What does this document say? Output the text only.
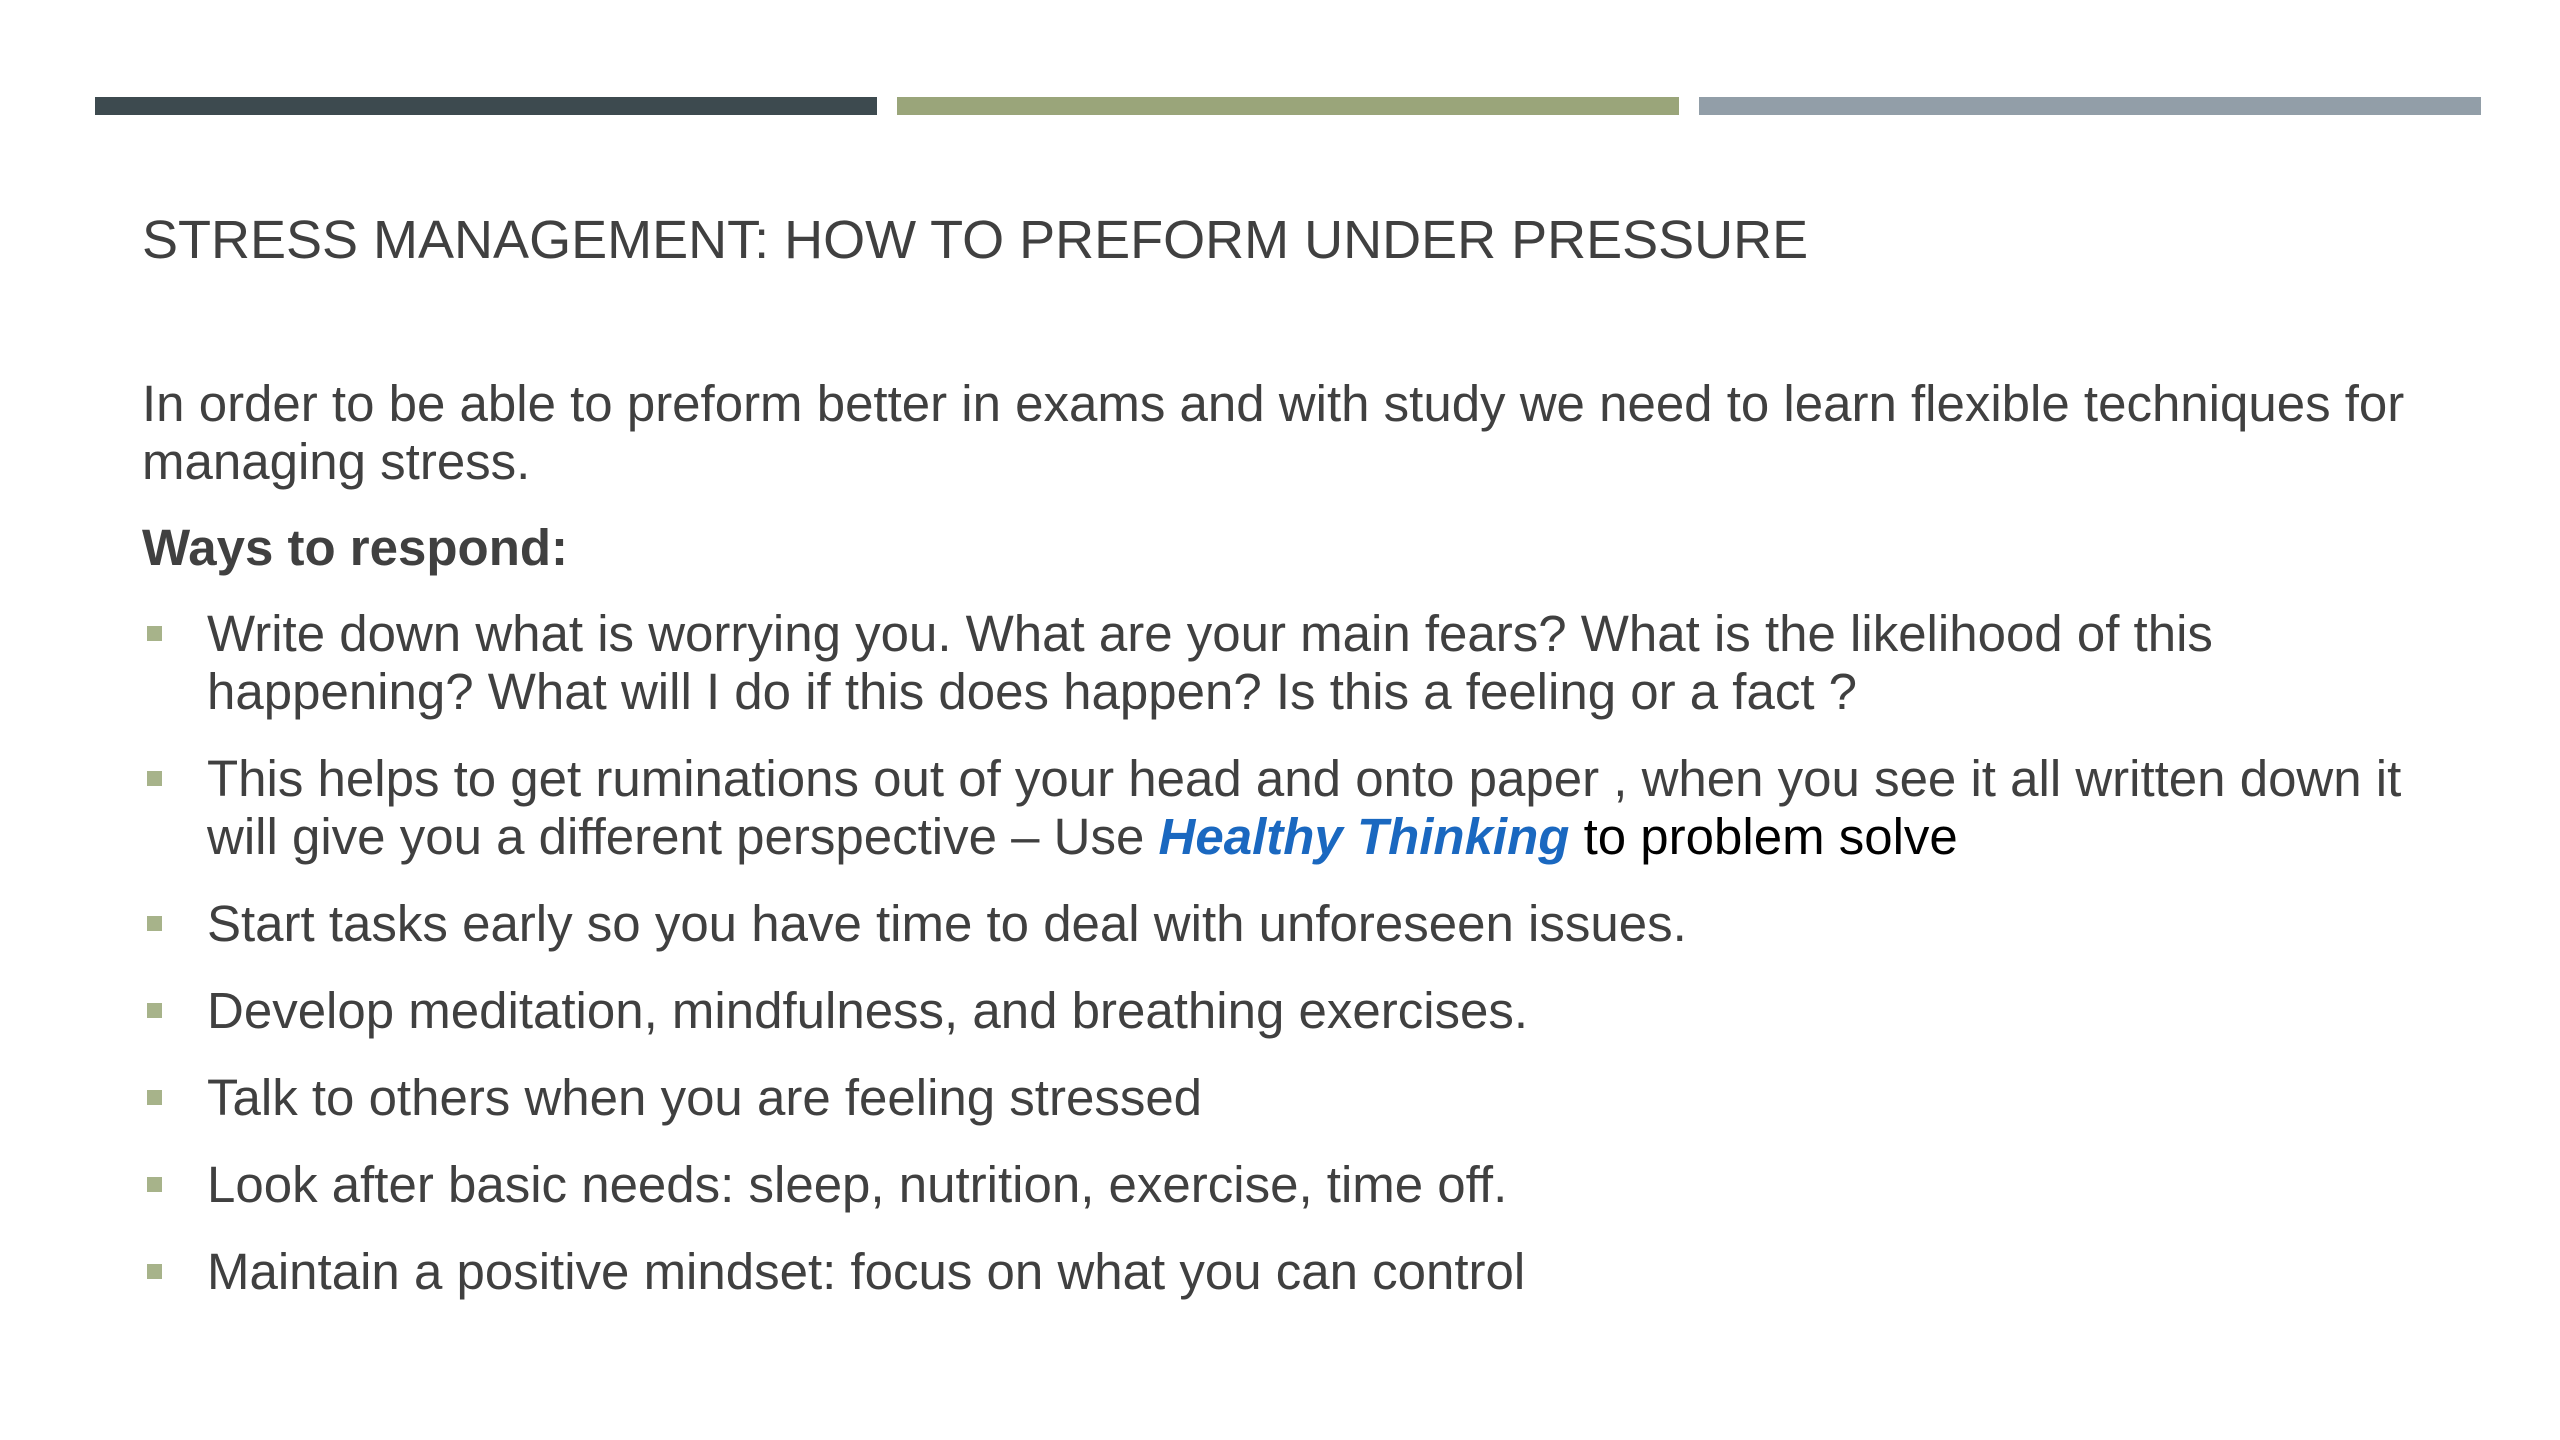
STRESS MANAGEMENT: HOW TO PREFORM UNDER PRESSURE

In order to be able to preform better in exams and with study we need to learn flexible techniques for managing stress.

Ways to respond:

Write down what is worrying you. What are your main fears? What is the likelihood of this happening? What will I do if this does happen? Is this a feeling or a fact ?
This helps to get ruminations out of your head and onto paper , when you see it all written down it will give you a different perspective – Use Healthy Thinking to problem solve
Start tasks early so you have time to deal with unforeseen issues.
Develop meditation, mindfulness, and breathing exercises.
Talk to others when you are feeling stressed
Look after basic needs: sleep, nutrition, exercise, time off.
Maintain a positive mindset: focus on what you can control
